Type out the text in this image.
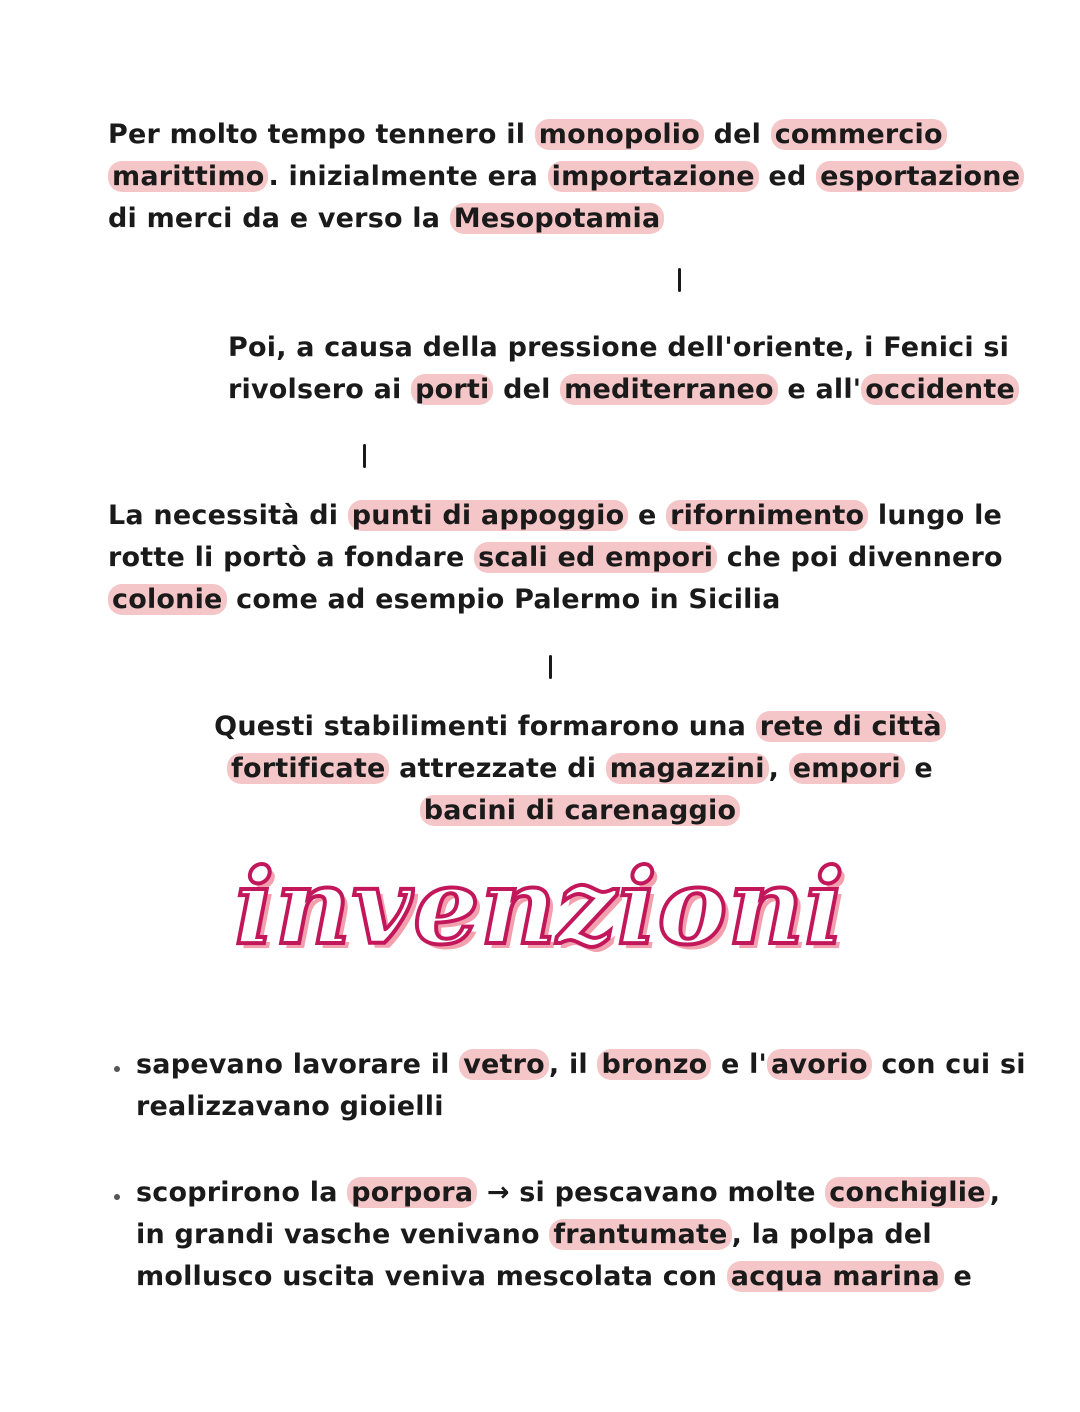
Per molto tempo tennero il monopolio del commercio
marittimo . inizialmente era importazione ed esportazione
di merci da e verso la Mesopotamia
Poi, a causa della pressione dell'oriente, i Fenici si
rivolsero ai porti del mediterraneo e all' occidente
La necessità di punti di appoggio e rifornimento lungo le
rotte li portò a fondare scali ed empori che poi divennero
colonie come ad esempio Palermo in Sicilia
Questi stabilimenti formarono una rete di città
fortificate attrezzate di magazzini , empori e
bacini di carenaggio
invenzioni
sapevano lavorare il vetro , il bronzo e l' avorio con cui si
realizzavano gioielli
scoprirono la porpora → si pescavano molte conchiglie ,
in grandi vasche venivano frantumate , la polpa del
mollusco uscita veniva mescolata con acqua marina e
